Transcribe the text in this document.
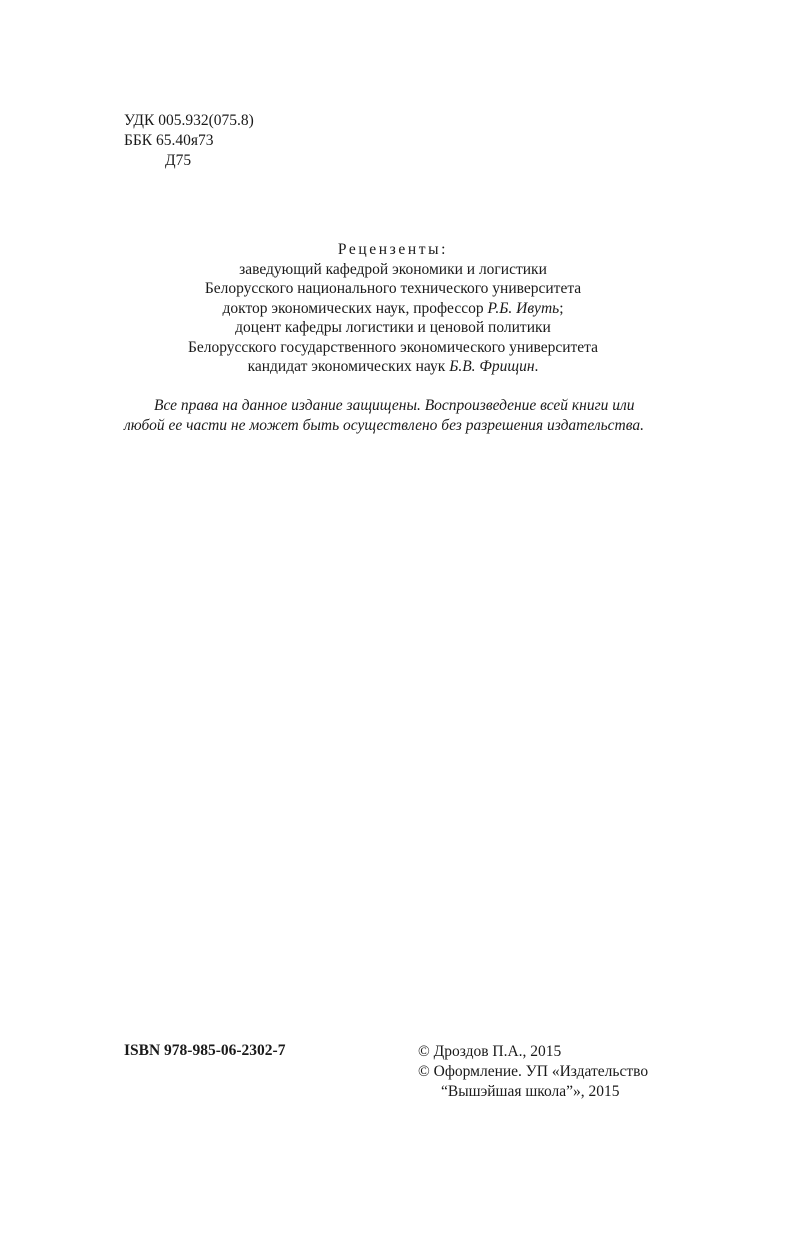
УДК 005.932(075.8)
ББК 65.40я73
Д75
Рецензенты:
заведующий кафедрой экономики и логистики
Белорусского национального технического университета
доктор экономических наук, профессор Р.Б. Ивуть;
доцент кафедры логистики и ценовой политики
Белорусского государственного экономического университета
кандидат экономических наук Б.В. Фрищин.
Все права на данное издание защищены. Воспроизведение всей книги или
любой ее части не может быть осуществлено без разрешения издательства.
ISBN 978-985-06-2302-7	© Дроздов П.А., 2015
© Оформление. УП «Издательство
“Вышэйшая школа”», 2015
